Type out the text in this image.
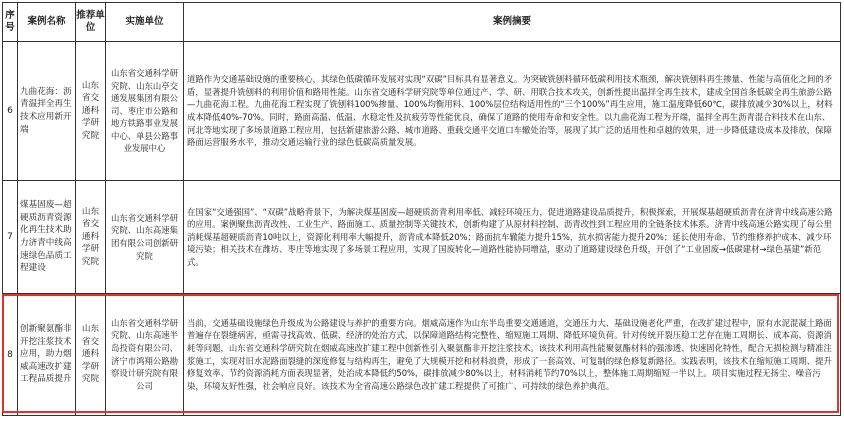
序号	案例名称	推荐单位	实施单位	案例摘要
6	九曲花海：沥青温拌全再生技术应用新开端	山东省交通科学研究院	山东省交通科学研究院、山东山亭交通发展集团有限公司、枣庄市公路和地方铁路事业发展中心、单县公路事业发展中心	道路作为交通基础设施的重要核心，其绿色低碳循环发展对实现“双碳”目标具有显著意义。为突破铣刨料循环低碳利用技术瓶颈，解决铣刨料再生掺量、性能与高值化之间的矛盾，显著提升铣刨料的利用价值和路用性能。山东省交通科学研究院等单位通过产、学、研、用联合技术攻关，创新性提出温拌全再生技术，建成全国首条低碳全再生旅游公路—九曲花海工程。九曲花海工程实现了铣刨料100%掺量、100%均衡用料、100%层位结构适用性的“三个100%”再生应用，施工温度降低60℃，碳排放减少30%以上，材料成本降低40%-70%。同时，路面高温、低温、水稳定性及抗疲劳等性能优良，确保了道路的使用寿命和安全性。以九曲花海工程为开端，温拌全再生沥青混合料技术在山东、河北等地实现了多场景道路工程应用，包括新建旅游公路、城市道路、重载交通平交道口车辙处治等，展现了其广泛的适用性和卓越的效果，进一步降低建设成本及排放，保障路面运营服务水平，推动交通运输行业的绿色低碳高质量发展。
7	煤基固废—超硬质沥青资源化再生技术助力济青中线高速绿色品质工程建设	山东省交通科学研究院	山东省交通科学研究院、山东高速集团有限公司创新研究院	在国家“交通强国”、“双碳”战略背景下，为解决煤基固废—超硬质沥青利用率低、减轻环境压力，促进道路建设品质提升，积极探索，开展煤基超硬质沥青在济青中线高速公路的应用。案例聚焦沥青改性、工业生产、路面施工、质量控制等关键技术，创新构建了从原材料控制、沥青改性到工程应用的全链条技术体系。济青中线高速公路实现了每公里消耗煤基超硬质沥青10吨以上，资源化利用率大幅提升，沥青成本降低20%；路面抗车辙能力提升15%，抗水损害能力提升20%；延长使用寿命、节约维修养护成本、减少环境污染；相关技术在潍坊、枣庄等地实现了多场景工程应用，实现了国废转化—道路性能协同增益，驱动了道路建设绿色升级，开创了“工业固废→低碳建材→绿色基建”新范式。
8	创新聚氨酯非开挖注浆技术应用，助力烟威高速改扩建工程品质提升	山东省交通科学研究院	山东省交通科学研究院、山东高速半岛投资有限公司、济宁市鸿翔公路勘察设计研究院有限公司	当前，交通基础设施绿色升级成为公路建设与养护的重要方向。烟威高速作为山东半岛重要交通通道，交通压力大、基础设施老化严重，在改扩建过程中，原有水泥混凝土路面普遍存在裂缝病害，亟需寻找高效、低碳、经济的处治方式，以保障道路结构完整性、缩短施工周期、降低环境负荷。针对传统开裂压稳工艺存在施工周期长、成本高、资源消耗等问题，山东省交通科学研究院在烟威高速改扩建工程中创新性引入聚氨酯非开挖注浆技术。该技术利用高性能聚氨酯材料的强渗透、快速固化特性，配合无损检测与精准注浆施工，实现对旧水泥路面裂缝的深度修复与结构再生，避免了大规模开挖和材料浪费，形成了一套高效、可复制的绿色修复新路径。实践表明，该技术在缩短施工周期、提升修复效率、节约资源消耗方面表现显著，处治成本降低约50%，碳排放减少80%以上，材料消耗节约70%以上，整体施工周期缩短一半以上。项目实施过程无扬尘、噪音污染，环境友好性强，社会响应良好。该技术为全省高速公路绿色改扩建工程提供了可推广、可持续的绿色养护典范。
